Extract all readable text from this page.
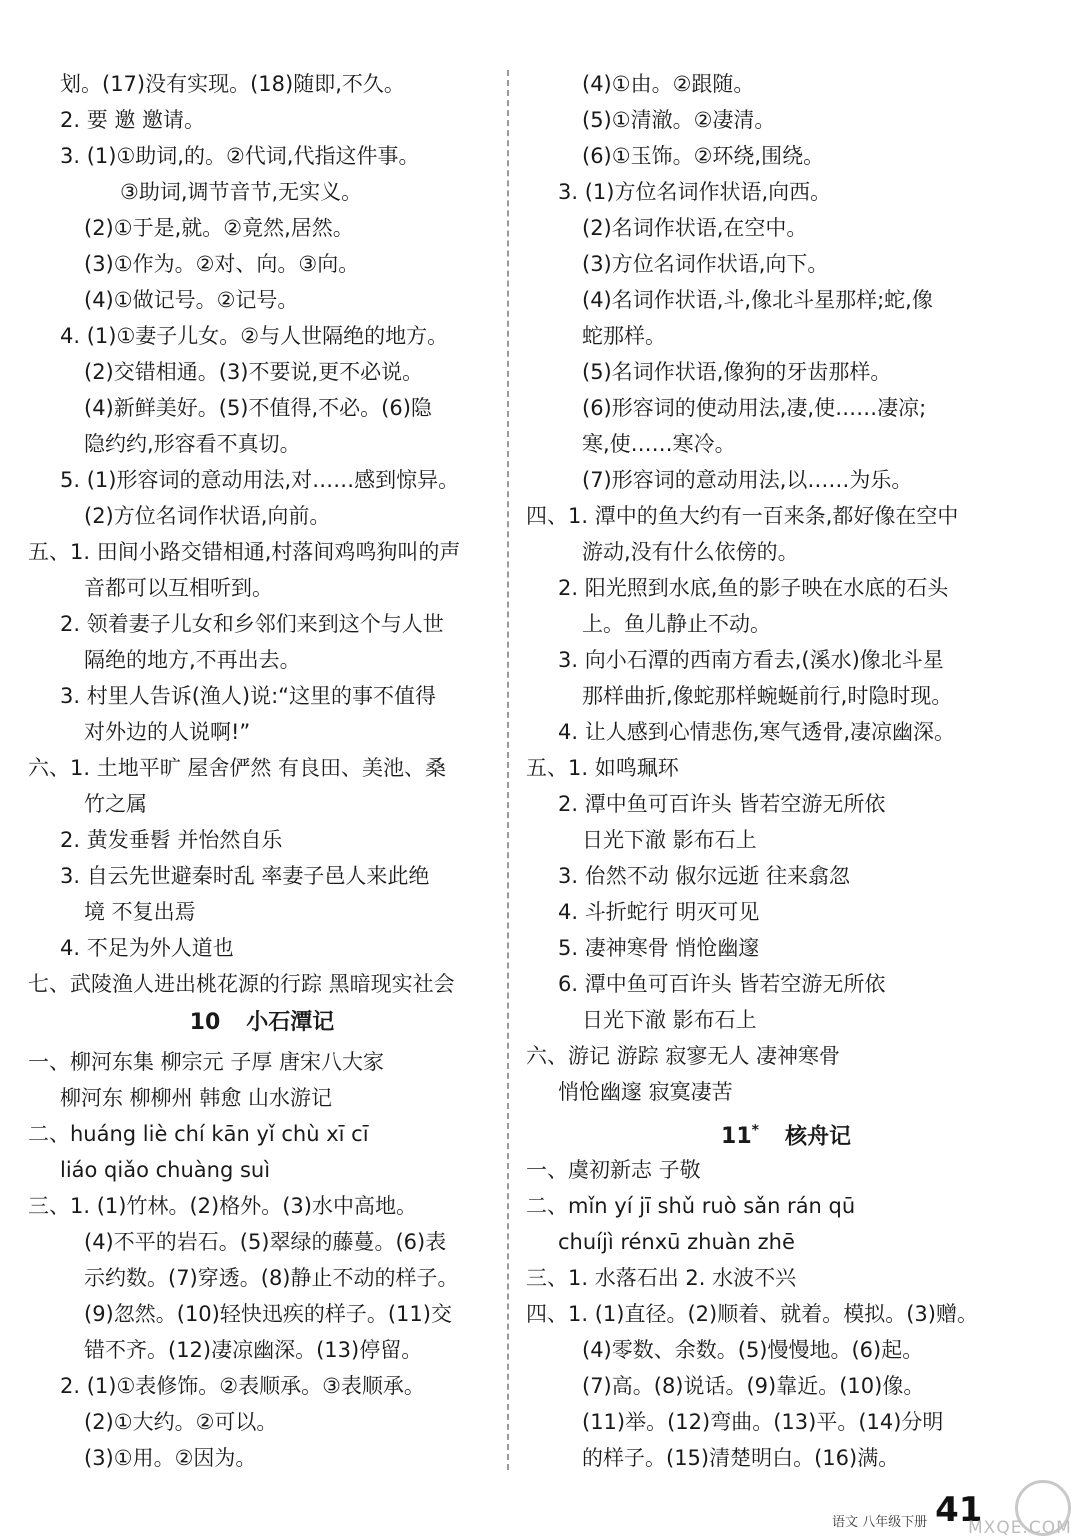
划。(17)没有实现。(18)随即,不久。
2. 要 邀 邀请。
3. (1)①助词,的。②代词,代指这件事。
③助词,调节音节,无实义。
(2)①于是,就。②竟然,居然。
(3)①作为。②对、向。③向。
(4)①做记号。②记号。
4. (1)①妻子儿女。②与人世隔绝的地方。
(2)交错相通。(3)不要说,更不必说。
(4)新鲜美好。(5)不值得,不必。(6)隐
隐约约,形容看不真切。
5. (1)形容词的意动用法,对……感到惊异。
(2)方位名词作状语,向前。
五、1. 田间小路交错相通,村落间鸡鸣狗叫的声
音都可以互相听到。
2. 领着妻子儿女和乡邻们来到这个与人世
隔绝的地方,不再出去。
3. 村里人告诉(渔人)说:“这里的事不值得
对外边的人说啊!”
六、1. 土地平旷 屋舍俨然 有良田、美池、桑
竹之属
2. 黄发垂髫 并怡然自乐
3. 自云先世避秦时乱 率妻子邑人来此绝
境 不复出焉
4. 不足为外人道也
七、武陵渔人进出桃花源的行踪 黑暗现实社会
10 小石潭记
一、柳河东集 柳宗元 子厚 唐宋八大家
柳河东 柳柳州 韩愈 山水游记
二、huáng liè chí kān yǐ chù xī cī
liáo qiǎo chuàng suì
三、1. (1)竹林。(2)格外。(3)水中高地。
(4)不平的岩石。(5)翠绿的藤蔓。(6)表
示约数。(7)穿透。(8)静止不动的样子。
(9)忽然。(10)轻快迅疾的样子。(11)交
错不齐。(12)凄凉幽深。(13)停留。
2. (1)①表修饰。②表顺承。③表顺承。
(2)①大约。②可以。
(3)①用。②因为。
(4)①由。②跟随。
(5)①清澈。②凄清。
(6)①玉饰。②环绕,围绕。
3. (1)方位名词作状语,向西。
(2)名词作状语,在空中。
(3)方位名词作状语,向下。
(4)名词作状语,斗,像北斗星那样;蛇,像
蛇那样。
(5)名词作状语,像狗的牙齿那样。
(6)形容词的使动用法,凄,使……凄凉;
寒,使……寒冷。
(7)形容词的意动用法,以……为乐。
四、1. 潭中的鱼大约有一百来条,都好像在空中
游动,没有什么依傍的。
2. 阳光照到水底,鱼的影子映在水底的石头
上。鱼儿静止不动。
3. 向小石潭的西南方看去,(溪水)像北斗星
那样曲折,像蛇那样蜿蜒前行,时隐时现。
4. 让人感到心情悲伤,寒气透骨,凄凉幽深。
五、1. 如鸣珮环
2. 潭中鱼可百许头 皆若空游无所依
日光下澈 影布石上
3. 佁然不动 俶尔远逝 往来翕忽
4. 斗折蛇行 明灭可见
5. 凄神寒骨 悄怆幽邃
6. 潭中鱼可百许头 皆若空游无所依
日光下澈 影布石上
六、游记 游踪 寂寥无人 凄神寒骨
悄怆幽邃 寂寞凄苦
11* 核舟记
一、虞初新志 子敬
二、mǐn yí jī shǔ ruò sǎn rán qū
chuíjì rénxū zhuàn zhē
三、1. 水落石出 2. 水波不兴
四、1. (1)直径。(2)顺着、就着。模拟。(3)赠。
(4)零数、余数。(5)慢慢地。(6)起。
(7)高。(8)说话。(9)靠近。(10)像。
(11)举。(12)弯曲。(13)平。(14)分明
的样子。(15)清楚明白。(16)满。
语文 八年级下册 41
MXQE.COM
